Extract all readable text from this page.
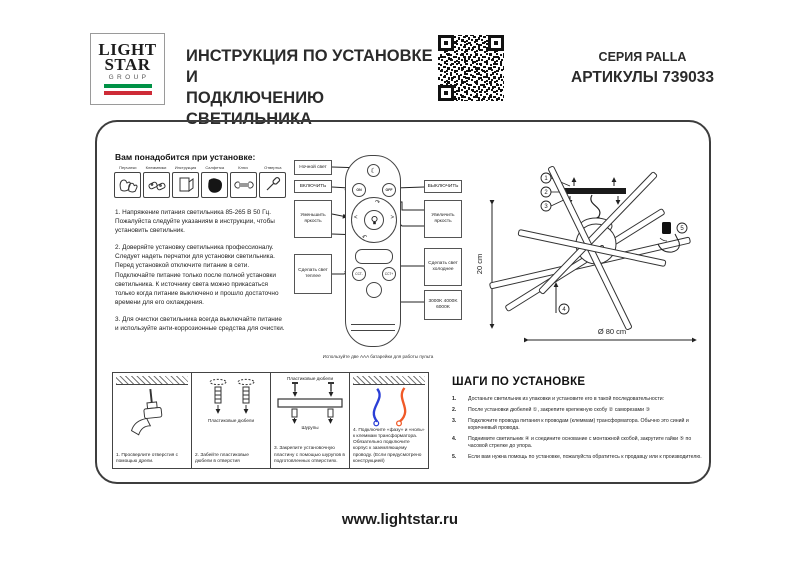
LIGHT
STAR
GROUP
ИНСТРУКЦИЯ ПО УСТАНОВКЕ И
ПОДКЛЮЧЕНИЮ СВЕТИЛЬНИКА
СЕРИЯ PALLA
АРТИКУЛЫ 739033
Вам понадобится при установке:
Перчатки Клеммники Инструкция Салфетка	Ключ	Отвертка

1. Напряжение питания светильника 85-265 В 50 Гц. Пожалуйста следуйте указаниям в инструкции, чтобы установить светильник.

2. Доверяйте установку светильника профессионалу. Следует надеть перчатки для установки светильника. Перед установкой отключите питание в сети. Подключайте питание только после полной установки светильника. К источнику света можно прикасаться только когда питание выключено и прошло достаточно времени для его охлаждения.

3. Для очистки светильника всегда выключайте питание и используйте анти-коррозионные средства для очистки.

Ночной свет
ВКЛЮЧИТЬ
Уменьшить яркость
Сделать свет теплее
ВЫКЛЮЧИТЬ
Увеличить яркость
Сделать свет холоднее
3000K 4000K 6000K
☾
ON	OFF
<	>
↷
↶
CCT-	CCT+
Используйте две AAA батарейки для работы пульта
20 cm
Ø 80 cm
1
2
3
4
5
1. Просверлите отверстия с помощью дрели.
Пластиковые дюбели
2. Забейте пластиковые дюбели в отверстия
Пластиковые дюбели
Шурупы
3. Закрепите установочную пластину с помощью шурупов в подготовленных отверстиях.
4. Подключите «фазу» и «ноль» к клеммам трансформатора. Обязательно подключите корпус к заземляющему проводу. (Если предусмотрено конструкцией)
ШАГИ ПО УСТАНОВКЕ
1.	Достаньте светильник из упаковки и установите его в такой последовательности:
2.	После установки дюбелей ①, закрепите крепежную скобу ② саморезами ③
3.	Подключите провода питания к проводам (клеммам) трансформатора. Обычно это синий и коричневый провода.
4.	Поднимите светильник ④ и соедините основание с монтажной скобой, закрутите гайки ⑤ по часовой стрелке до упора.
5.	Если вам нужна помощь по установке, пожалуйста обратитесь к продавцу или к производителю.
www.lightstar.ru
